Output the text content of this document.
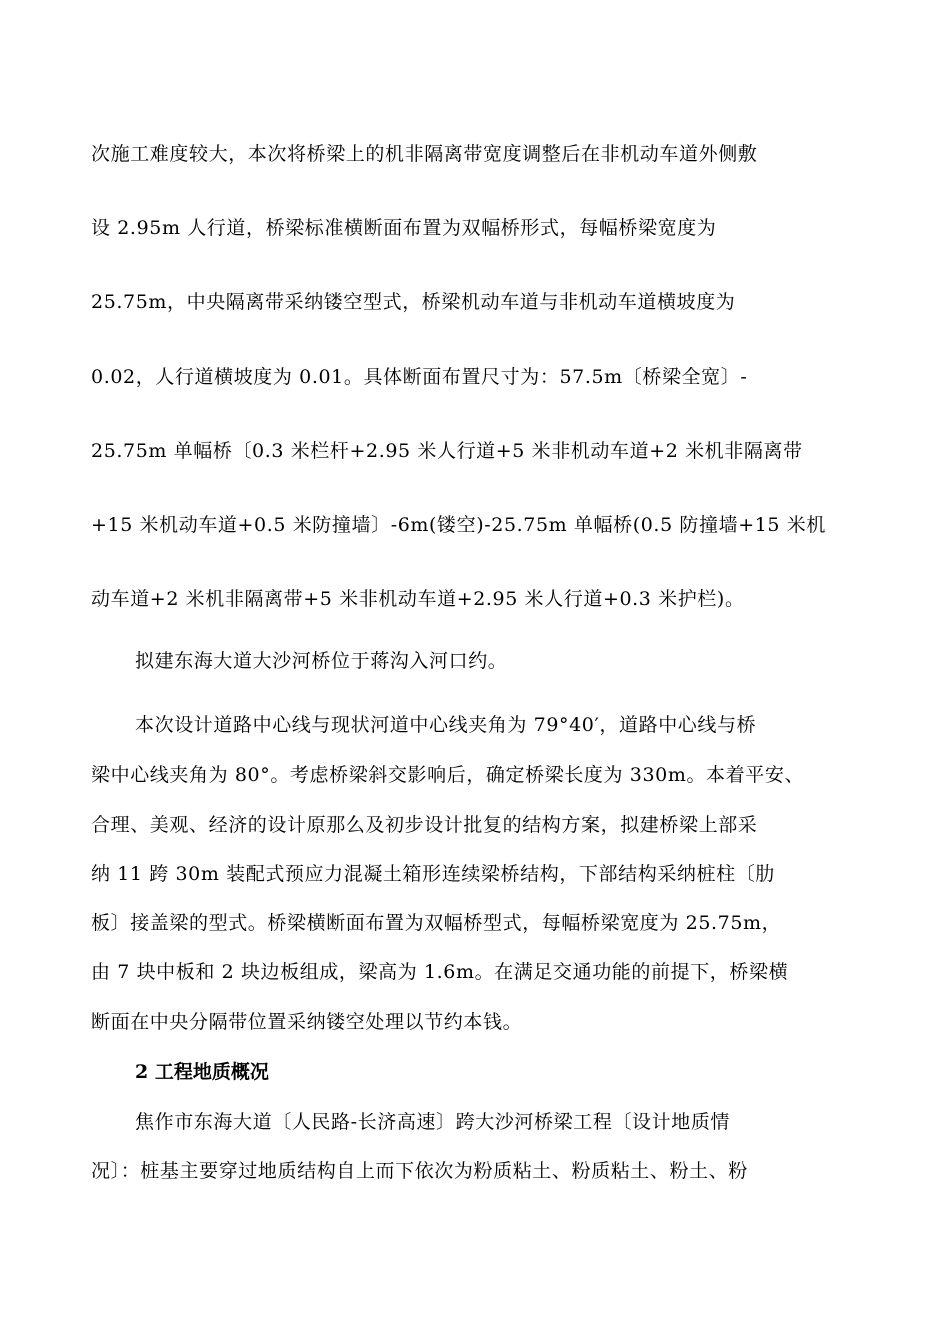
次施工难度较大，本次将桥梁上的机非隔离带宽度调整后在非机动车道外侧敷
设 2.95m 人行道，桥梁标准横断面布置为双幅桥形式，每幅桥梁宽度为
25.75m，中央隔离带采纳镂空型式，桥梁机动车道与非机动车道横坡度为
0.02，人行道横坡度为 0.01。具体断面布置尺寸为：57.5m〔桥梁全宽〕-
25.75m 单幅桥〔0.3 米栏杆+2.95 米人行道+5 米非机动车道+2 米机非隔离带
+15 米机动车道+0.5 米防撞墙〕-6m(镂空)-25.75m 单幅桥(0.5 防撞墙+15 米机
动车道+2 米机非隔离带+5 米非机动车道+2.95 米人行道+0.3 米护栏)。
拟建东海大道大沙河桥位于蒋沟入河口约。
本次设计道路中心线与现状河道中心线夹角为 79°40′，道路中心线与桥
梁中心线夹角为 80°。考虑桥梁斜交影响后，确定桥梁长度为 330m。本着平安、
合理、美观、经济的设计原那么及初步设计批复的结构方案，拟建桥梁上部采
纳 11 跨 30m 装配式预应力混凝土箱形连续梁桥结构，下部结构采纳桩柱〔肋
板〕接盖梁的型式。桥梁横断面布置为双幅桥型式，每幅桥梁宽度为 25.75m，
由 7 块中板和 2 块边板组成，梁高为 1.6m。在满足交通功能的前提下，桥梁横
断面在中央分隔带位置采纳镂空处理以节约本钱。
2 工程地质概况
焦作市东海大道〔人民路-长济高速〕跨大沙河桥梁工程〔设计地质情
况〕：桩基主要穿过地质结构自上而下依次为粉质粘土、粉质粘土、粉土、粉
